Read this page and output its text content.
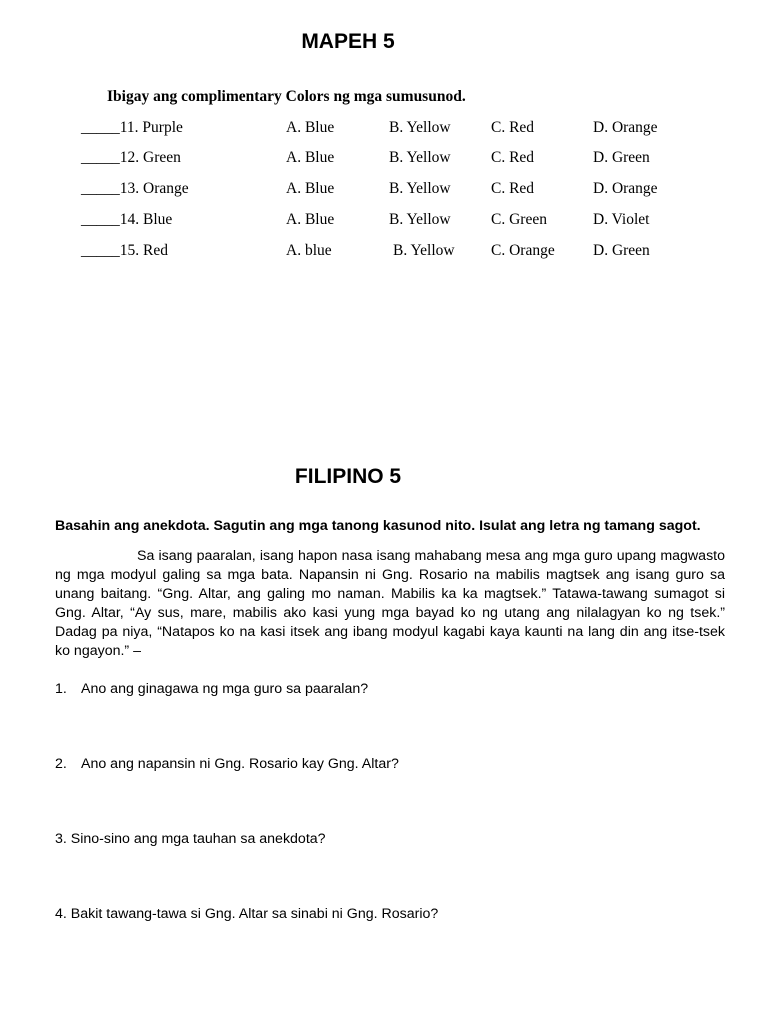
MAPEH 5
Ibigay ang complimentary Colors ng mga sumusunod.
_____11. Purple	A. Blue	B. Yellow	C. Red	D. Orange
_____12. Green	A. Blue	B. Yellow	C. Red	D. Green
_____13. Orange	A. Blue	B. Yellow	C. Red	D. Orange
_____14. Blue	A. Blue	B. Yellow	C. Green	D. Violet
_____15. Red	A. blue	B. Yellow C. Orange D. Green
FILIPINO 5
Basahin ang anekdota. Sagutin ang mga tanong kasunod nito. Isulat ang letra ng tamang sagot.

Sa isang paaralan, isang hapon nasa isang mahabang mesa ang mga guro upang magwasto ng mga modyul galing sa mga bata. Napansin ni Gng. Rosario na mabilis magtsek ang isang guro sa unang baitang. “Gng. Altar, ang galing mo naman. Mabilis ka ka magtsek.” Tatawa-tawang sumagot si Gng. Altar, “Ay sus, mare, mabilis ako kasi yung mga bayad ko ng utang ang nilalagyan ko ng tsek.” Dadag pa niya, “Natapos ko na kasi itsek ang ibang modyul kagabi kaya kaunti na lang din ang itse-tsek ko ngayon.” –

1. Ano ang ginagawa ng mga guro sa paaralan?
2. Ano ang napansin ni Gng. Rosario kay Gng. Altar?
3. Sino-sino ang mga tauhan sa anekdota?
4. Bakit tawang-tawa si Gng. Altar sa sinabi ni Gng. Rosario?
